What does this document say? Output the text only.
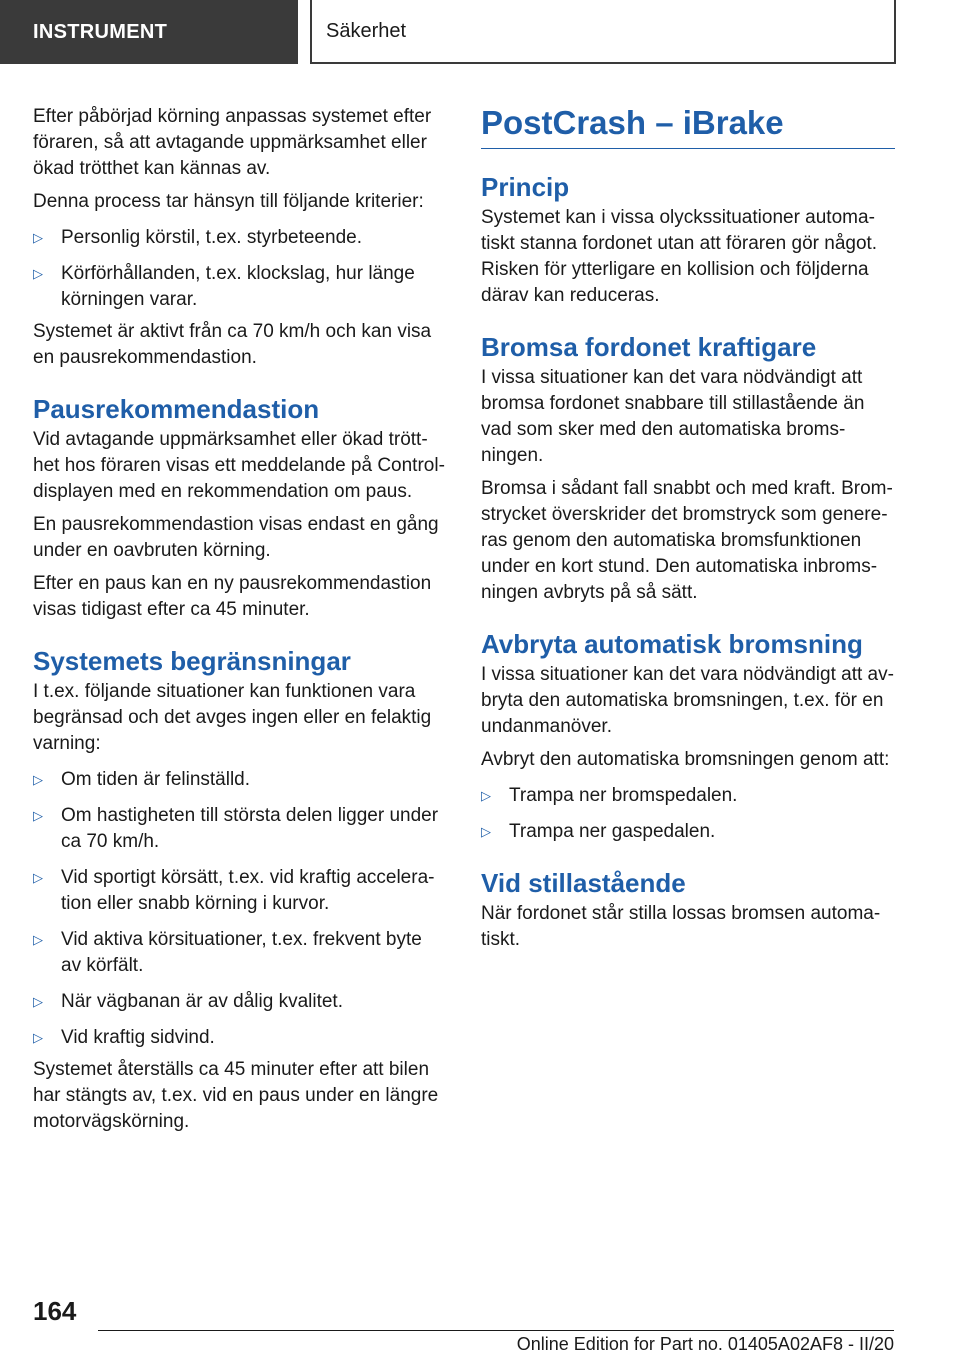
INSTRUMENT	Säkerhet

Efter påbörjad körning anpassas systemet efter föraren, så att avtagande uppmärksamhet eller ökad trötthet kan kännas av.

Denna process tar hänsyn till följande kriterier:

▷ Personlig körstil, t.ex. styrbeteende.
▷ Körförhållanden, t.ex. klockslag, hur länge körningen varar.

Systemet är aktivt från ca 70 km/h och kan visa en pausrekommendastion.

Pausrekommendastion

Vid avtagande uppmärksamhet eller ökad trötthet hos föraren visas ett meddelande på Control-displayen med en rekommendation om paus.

En pausrekommendastion visas endast en gång under en oavbruten körning.

Efter en paus kan en ny pausrekommendastion visas tidigast efter ca 45 minuter.

Systemets begränsningar

I t.ex. följande situationer kan funktionen vara begränsad och det avges ingen eller en felaktig varning:

▷ Om tiden är felinställd.
▷ Om hastigheten till största delen ligger under ca 70 km/h.
▷ Vid sportigt körsätt, t.ex. vid kraftig acceleration eller snabb körning i kurvor.
▷ Vid aktiva körsituationer, t.ex. frekvent byte av körfält.
▷ När vägbanan är av dålig kvalitet.
▷ Vid kraftig sidvind.

Systemet återställs ca 45 minuter efter att bilen har stängts av, t.ex. vid en paus under en längre motorvägskörning.

PostCrash – iBrake
Princip

Systemet kan i vissa olyckssituationer automatiskt stanna fordonet utan att föraren gör något. Risken för ytterligare en kollision och följderna därav kan reduceras.

Bromsa fordonet kraftigare

I vissa situationer kan det vara nödvändigt att bromsa fordonet snabbare till stillastående än vad som sker med den automatiska bromsningen.

Bromsa i sådant fall snabbt och med kraft. Bromstrycket överskrider det bromstryck som genereras genom den automatiska bromsfunktionen under en kort stund. Den automatiska inbromsningen avbryts på så sätt.

Avbryta automatisk bromsning

I vissa situationer kan det vara nödvändigt att avbryta den automatiska bromsningen, t.ex. för en undanmanöver.

Avbryt den automatiska bromsningen genom att:

▷ Trampa ner bromspedalen.
▷ Trampa ner gaspedalen.
Vid stillastående

När fordonet står stilla lossas bromsen automatiskt.

164
Online Edition for Part no. 01405A02AF8 - II/20
